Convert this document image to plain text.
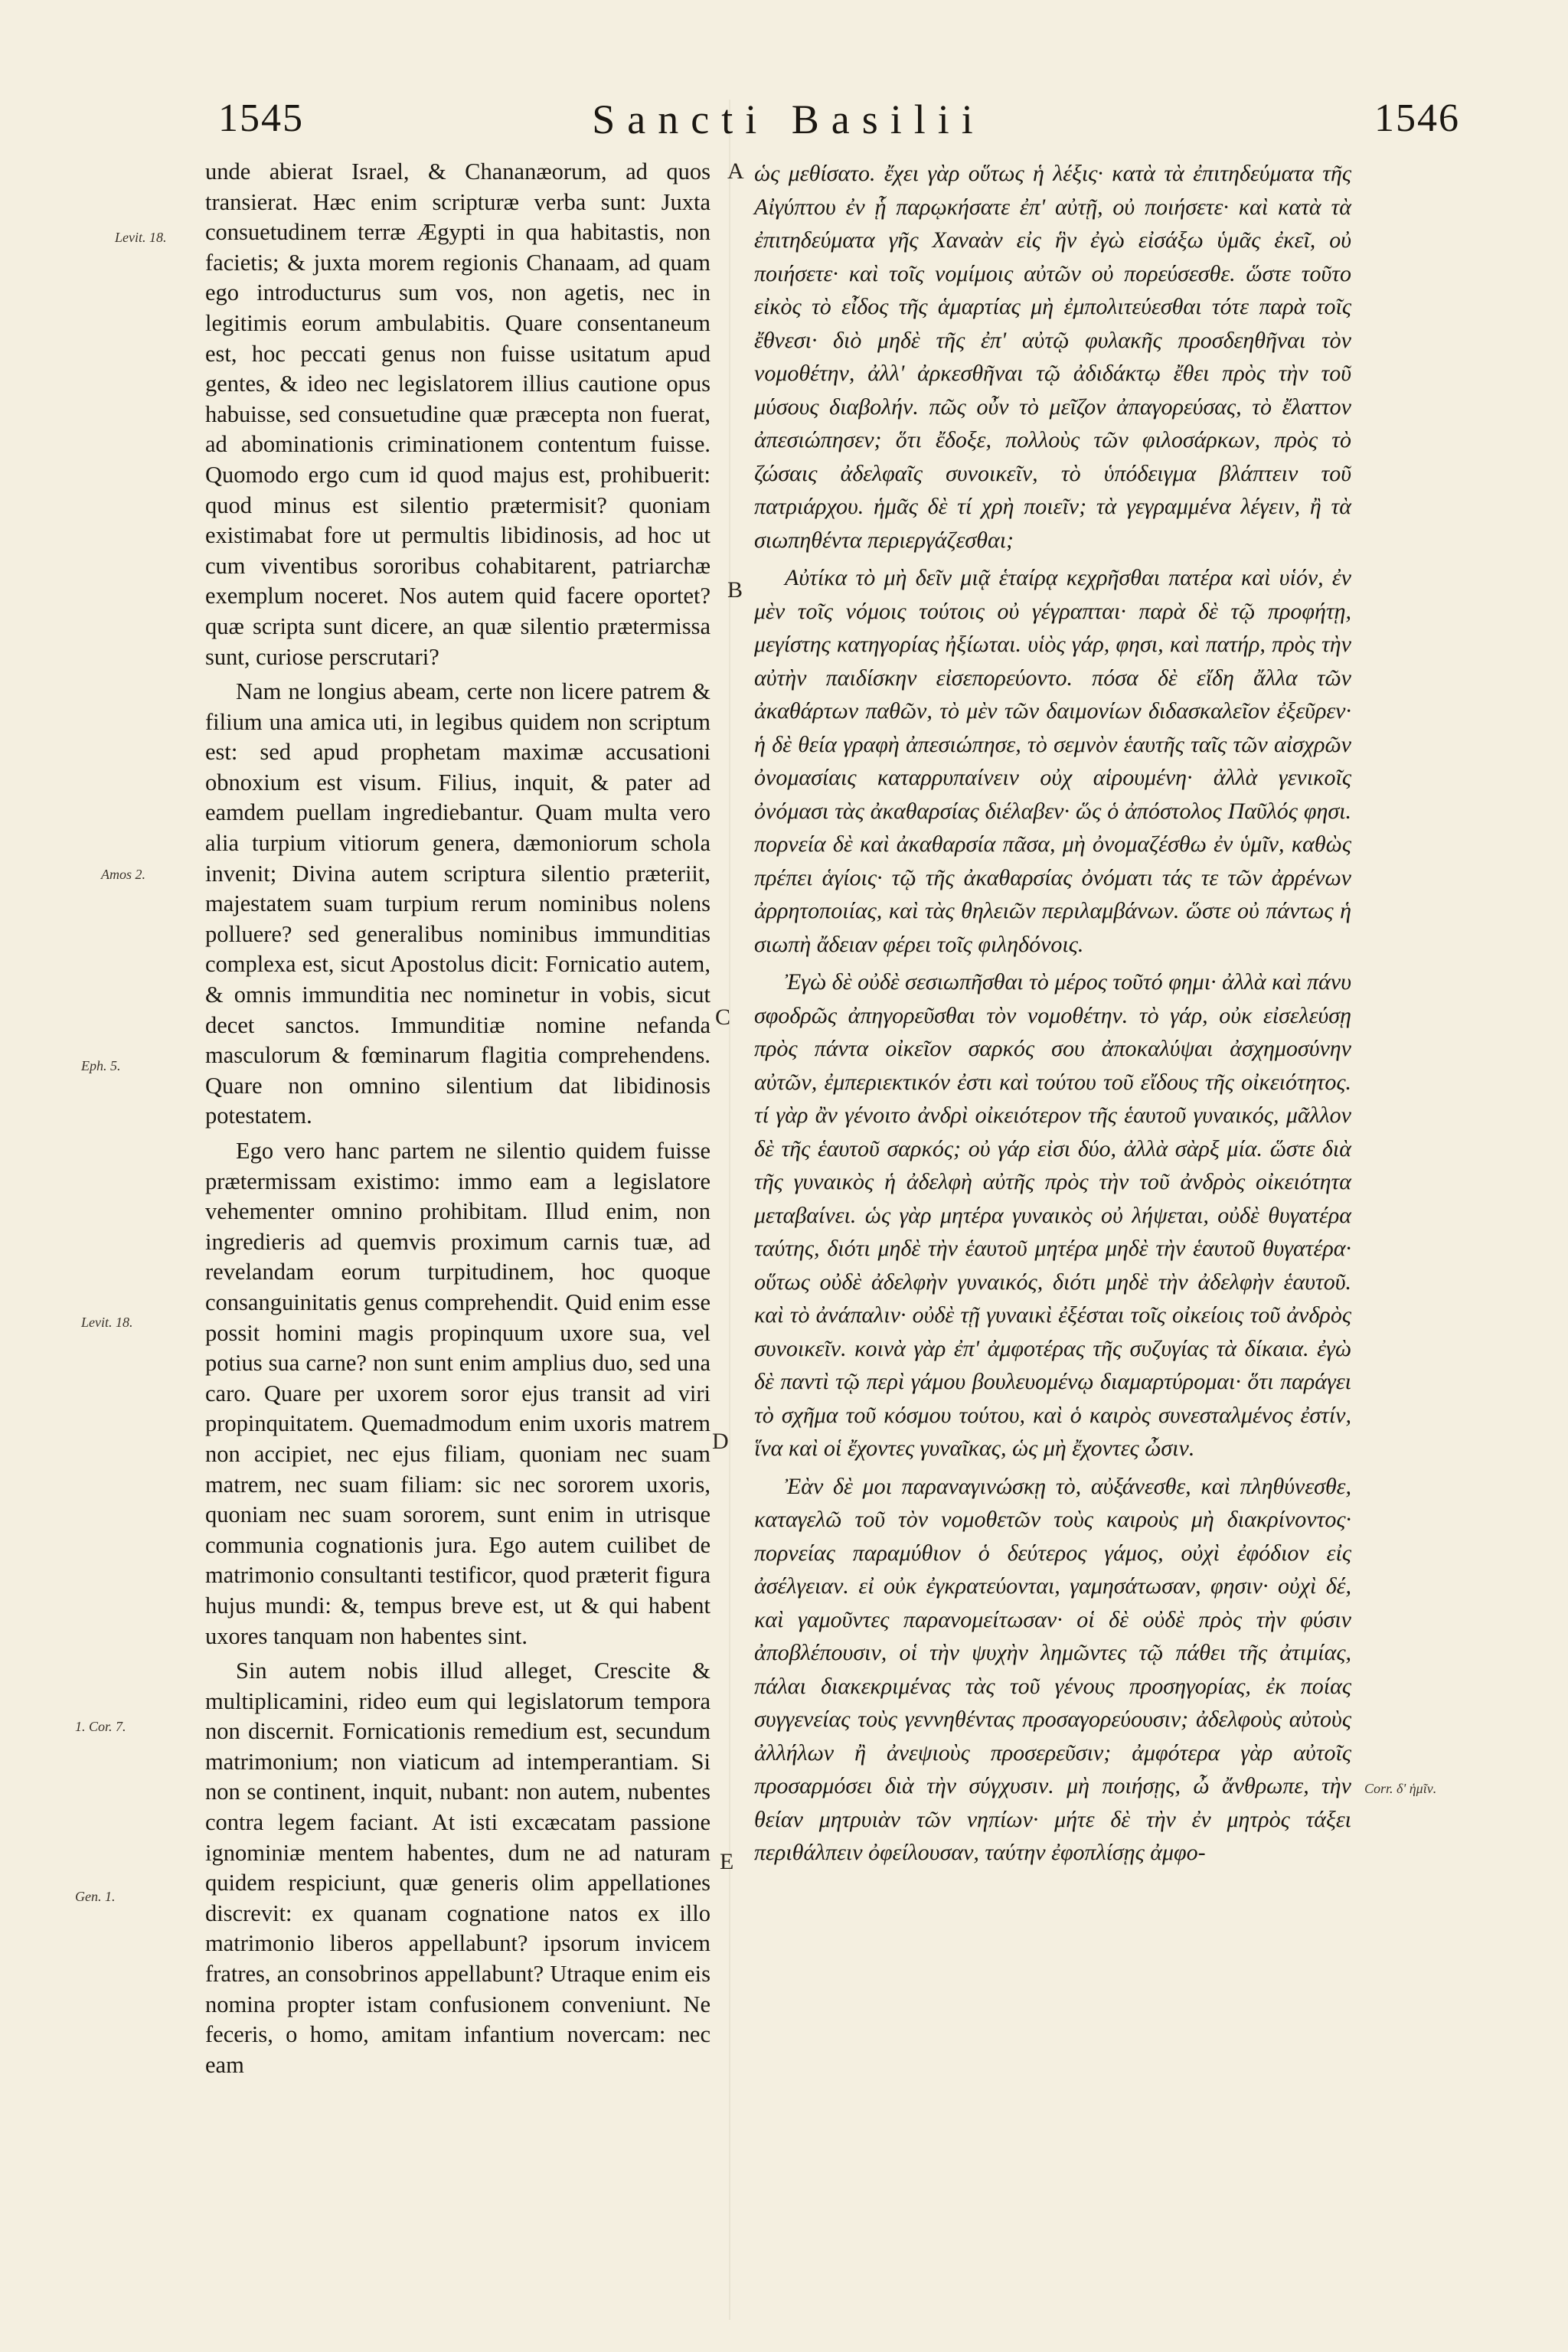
1545	Sancti Basilii	1546
Levit. 18.
Amos 2.
Eph. 5.
Levit. 18.
1. Cor. 7.
Gen. 1.
Corr. δ' ἡμῖν.
A
B
C
D
E

unde abierat Israel, & Chananæorum, ad quos transierat. Hæc enim scripturæ verba sunt: Juxta consuetudinem terræ Ægypti in qua habitastis, non facietis; & juxta morem regionis Chanaam, ad quam ego introducturus sum vos, non agetis, nec in legitimis eorum ambulabitis. Quare consentaneum est, hoc peccati genus non fuisse usitatum apud gentes, & ideo nec legislatorem illius cautione opus habuisse, sed consuetudine quæ præcepta non fuerat, ad abominationis criminationem contentum fuisse. Quomodo ergo cum id quod majus est, prohibuerit: quod minus est silentio prætermisit? quoniam existimabat fore ut permultis libidinosis, ad hoc ut cum viventibus sororibus cohabitarent, patriarchæ exemplum noceret. Nos autem quid facere oportet? quæ scripta sunt dicere, an quæ silentio prætermissa sunt, curiose perscrutari?

Nam ne longius abeam, certe non licere patrem & filium una amica uti, in legibus quidem non scriptum est: sed apud prophetam maximæ accusationi obnoxium est visum. Filius, inquit, & pater ad eamdem puellam ingrediebantur. Quam multa vero alia turpium vitiorum genera, dæmoniorum schola invenit; Divina autem scriptura silentio præteriit, majestatem suam turpium rerum nominibus nolens polluere? sed generalibus nominibus immunditias complexa est, sicut Apostolus dicit: Fornicatio autem, & omnis immunditia nec nominetur in vobis, sicut decet sanctos. Immunditiæ nomine nefanda masculorum & fœminarum flagitia comprehendens. Quare non omnino silentium dat libidinosis potestatem.

Ego vero hanc partem ne silentio quidem fuisse prætermissam existimo: immo eam a legislatore vehementer omnino prohibitam. Illud enim, non ingredieris ad quemvis proximum carnis tuæ, ad revelandam eorum turpitudinem, hoc quoque consanguinitatis genus comprehendit. Quid enim esse possit homini magis propinquum uxore sua, vel potius sua carne? non sunt enim amplius duo, sed una caro. Quare per uxorem soror ejus transit ad viri propinquitatem. Quemadmodum enim uxoris matrem non accipiet, nec ejus filiam, quoniam nec suam matrem, nec suam filiam: sic nec sororem uxoris, quoniam nec suam sororem, sunt enim in utrisque communia cognationis jura. Ego autem cuilibet de matrimonio consultanti testificor, quod præterit figura hujus mundi: &, tempus breve est, ut & qui habent uxores tanquam non habentes sint.

Sin autem nobis illud alleget, Crescite & multiplicamini, rideo eum qui legislatorum tempora non discernit. Fornicationis remedium est, secundum matrimonium; non viaticum ad intemperantiam. Si non se continent, inquit, nubant: non autem, nubentes contra legem faciant. At isti excæcatam passione ignominiæ mentem habentes, dum ne ad naturam quidem respiciunt, quæ generis olim appellationes discrevit: ex quanam cognatione natos ex illo matrimonio liberos appellabunt? ipsorum invicem fratres, an consobrinos appellabunt? Utraque enim eis nomina propter istam confusionem conveniunt. Ne feceris, o homo, amitam infantium novercam: nec eam

ὡς μεθίσατο. ἔχει γὰρ οὕτως ἡ λέξις· κατὰ τὰ ἐπιτηδεύματα τῆς Αἰγύπτου ἐν ᾗ παρῳκήσατε ἐπ' αὐτῇ, οὐ ποιήσετε· καὶ κατὰ τὰ ἐπιτηδεύματα γῆς Χαναὰν εἰς ἣν ἐγὼ εἰσάξω ὑμᾶς ἐκεῖ, οὐ ποιήσετε· καὶ τοῖς νομίμοις αὐτῶν οὐ πορεύσεσθε. ὥστε τοῦτο εἰκὸς τὸ εἶδος τῆς ἁμαρτίας μὴ ἐμπολιτεύεσθαι τότε παρὰ τοῖς ἔθνεσι· διὸ μηδὲ τῆς ἐπ' αὐτῷ φυλακῆς προσδεηθῆναι τὸν νομοθέτην, ἀλλ' ἀρκεσθῆναι τῷ ἀδιδάκτῳ ἔθει πρὸς τὴν τοῦ μύσους διαβολήν. πῶς οὖν τὸ μεῖζον ἀπαγορεύσας, τὸ ἔλαττον ἀπεσιώπησεν; ὅτι ἔδοξε, πολλοὺς τῶν φιλοσάρκων, πρὸς τὸ ζώσαις ἀδελφαῖς συνοικεῖν, τὸ ὑπόδειγμα βλάπτειν τοῦ πατριάρχου. ἡμᾶς δὲ τί χρὴ ποιεῖν; τὰ γεγραμμένα λέγειν, ἢ τὰ σιωπηθέντα περιεργάζεσθαι;

Αὐτίκα τὸ μὴ δεῖν μιᾷ ἑταίρᾳ κεχρῆσθαι πατέρα καὶ υἱόν, ἐν μὲν τοῖς νόμοις τούτοις οὐ γέγραπται· παρὰ δὲ τῷ προφήτῃ, μεγίστης κατηγορίας ἠξίωται. υἱὸς γάρ, φησι, καὶ πατήρ, πρὸς τὴν αὐτὴν παιδίσκην εἰσεπορεύοντο. πόσα δὲ εἴδη ἄλλα τῶν ἀκαθάρτων παθῶν, τὸ μὲν τῶν δαιμονίων διδασκαλεῖον ἐξεῦρεν· ἡ δὲ θεία γραφὴ ἀπεσιώπησε, τὸ σεμνὸν ἑαυτῆς ταῖς τῶν αἰσχρῶν ὀνομασίαις καταρρυπαίνειν οὐχ αἱρουμένη· ἀλλὰ γενικοῖς ὀνόμασι τὰς ἀκαθαρσίας διέλαβεν· ὥς ὁ ἀπόστολος Παῦλός φησι. πορνεία δὲ καὶ ἀκαθαρσία πᾶσα, μὴ ὀνομαζέσθω ἐν ὑμῖν, καθὼς πρέπει ἁγίοις· τῷ τῆς ἀκαθαρσίας ὀνόματι τάς τε τῶν ἀρρένων ἀρρητοποιίας, καὶ τὰς θηλειῶν περιλαμβάνων. ὥστε οὐ πάντως ἡ σιωπὴ ἄδειαν φέρει τοῖς φιληδόνοις.

Ἐγὼ δὲ οὐδὲ σεσιωπῆσθαι τὸ μέρος τοῦτό φημι· ἀλλὰ καὶ πάνυ σφοδρῶς ἀπηγορεῦσθαι τὸν νομοθέτην. τὸ γάρ, οὐκ εἰσελεύσῃ πρὸς πάντα οἰκεῖον σαρκός σου ἀποκαλύψαι ἀσχημοσύνην αὐτῶν, ἐμπεριεκτικόν ἐστι καὶ τούτου τοῦ εἴδους τῆς οἰκειότητος. τί γὰρ ἂν γένοιτο ἀνδρὶ οἰκειότερον τῆς ἑαυτοῦ γυναικός, μᾶλλον δὲ τῆς ἑαυτοῦ σαρκός; οὐ γάρ εἰσι δύο, ἀλλὰ σὰρξ μία. ὥστε διὰ τῆς γυναικὸς ἡ ἀδελφὴ αὐτῆς πρὸς τὴν τοῦ ἀνδρὸς οἰκειότητα μεταβαίνει. ὡς γὰρ μητέρα γυναικὸς οὐ λήψεται, οὐδὲ θυγατέρα ταύτης, διότι μηδὲ τὴν ἑαυτοῦ μητέρα μηδὲ τὴν ἑαυτοῦ θυγατέρα· οὕτως οὐδὲ ἀδελφὴν γυναικός, διότι μηδὲ τὴν ἀδελφὴν ἑαυτοῦ. καὶ τὸ ἀνάπαλιν· οὐδὲ τῇ γυναικὶ ἐξέσται τοῖς οἰκείοις τοῦ ἀνδρὸς συνοικεῖν. κοινὰ γὰρ ἐπ' ἀμφοτέρας τῆς συζυγίας τὰ δίκαια. ἐγὼ δὲ παντὶ τῷ περὶ γάμου βουλευομένῳ διαμαρτύρομαι· ὅτι παράγει τὸ σχῆμα τοῦ κόσμου τούτου, καὶ ὁ καιρὸς συνεσταλμένος ἐστίν, ἵνα καὶ οἱ ἔχοντες γυναῖκας, ὡς μὴ ἔχοντες ὦσιν.

Ἐὰν δὲ μοι παραναγινώσκῃ τὸ, αὐξάνεσθε, καὶ πληθύνεσθε, καταγελῶ τοῦ τὸν νομοθετῶν τοὺς καιροὺς μὴ διακρίνοντος· πορνείας παραμύθιον ὁ δεύτερος γάμος, οὐχὶ ἐφόδιον εἰς ἀσέλγειαν. εἰ οὐκ ἐγκρατεύονται, γαμησάτωσαν, φησιν· οὐχὶ δέ, καὶ γαμοῦντες παρανομείτωσαν· οἱ δὲ οὐδὲ πρὸς τὴν φύσιν ἀποβλέπουσιν, οἱ τὴν ψυχὴν λημῶντες τῷ πάθει τῆς ἀτιμίας, πάλαι διακεκριμένας τὰς τοῦ γένους προσηγορίας, ἐκ ποίας συγγενείας τοὺς γεννηθέντας προσαγορεύουσιν; ἀδελφοὺς αὐτοὺς ἀλλήλων ἢ ἀνεψιοὺς προσερεῦσιν; ἀμφότερα γὰρ αὐτοῖς προσαρμόσει διὰ τὴν σύγχυσιν. μὴ ποιήσῃς, ὦ ἄνθρωπε, τὴν θείαν μητρυιὰν τῶν νηπίων· μήτε δὲ τὴν ἐν μητρὸς τάξει περιθάλπειν ὀφείλουσαν, ταύτην ἐφοπλίσῃς ἀμφο-
